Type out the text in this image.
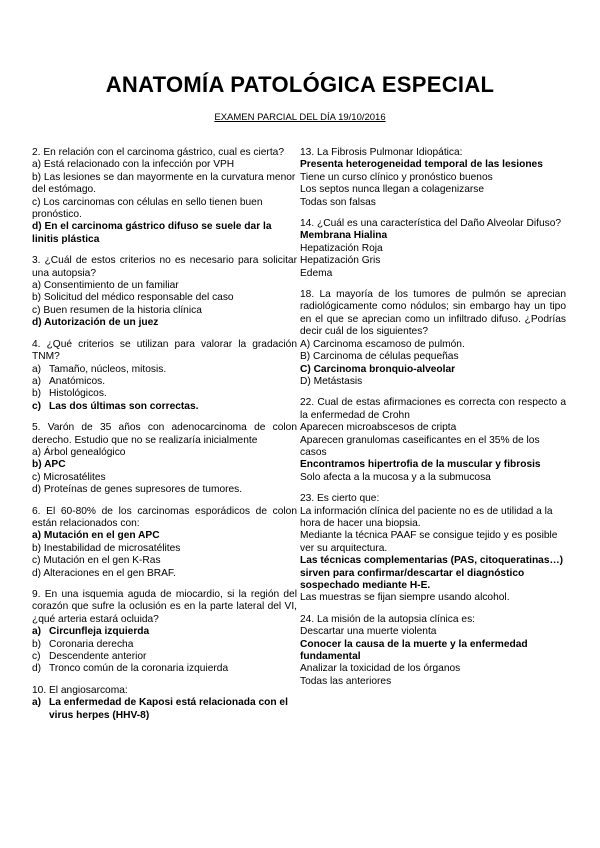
ANATOMÍA PATOLÓGICA ESPECIAL
EXAMEN PARCIAL DEL DÍA 19/10/2016
2. En relación con el carcinoma gástrico, cual es cierta?
a) Está relacionado con la infección por VPH
b) Las lesiones se dan mayormente en la curvatura menor del estómago.
c) Los carcinomas con células en sello tienen buen pronóstico.
d) En el carcinoma gástrico difuso se suele dar la linitis plástica
3. ¿Cuál de estos criterios no es necesario para solicitar una autopsia?
a) Consentimiento de un familiar
b) Solicitud del médico responsable del caso
c) Buen resumen de la historia clínica
d) Autorización de un juez
4. ¿Qué criterios se utilizan para valorar la gradación TNM?
a) Tamaño, núcleos, mitosis.
a) Anatómicos.
b) Histológicos.
c) Las dos últimas son correctas.
5. Varón de 35 años con adenocarcinoma de colon derecho. Estudio que no se realizaría inicialmente
a) Árbol genealógico
b) APC
c) Microsatélites
d) Proteínas de genes supresores de tumores.
6. El 60-80% de los carcinomas esporádicos de colon están relacionados con:
a) Mutación en el gen APC
b) Inestabilidad de microsatélites
c) Mutación en el gen K-Ras
d) Alteraciones en el gen BRAF.
9. En una isquemia aguda de miocardio, si la región del corazón que sufre la oclusión es en la parte lateral del VI, ¿qué arteria estará ocluida?
a) Circunfleja izquierda
b) Coronaria derecha
c) Descendente anterior
d) Tronco común de la coronaria izquierda
10. El angiosarcoma:
a) La enfermedad de Kaposi está relacionada con el virus herpes (HHV-8)
13. La Fibrosis Pulmonar Idiopática:
Presenta heterogeneidad temporal de las lesiones
Tiene un curso clínico y pronóstico buenos
Los septos nunca llegan a colagenizarse
Todas son falsas
14. ¿Cuál es una característica del Daño Alveolar Difuso?
Membrana Hialina
Hepatización Roja
Hepatización Gris
Edema
18. La mayoría de los tumores de pulmón se aprecian radiológicamente como nódulos; sin embargo hay un tipo en el que se aprecian como un infiltrado difuso. ¿Podrías decir cuál de los siguientes?
A) Carcinoma escamoso de pulmón.
B) Carcinoma de células pequeñas
C) Carcinoma bronquio-alveolar
D) Metástasis
22. Cual de estas afirmaciones es correcta con respecto a la enfermedad de Crohn
Aparecen microabscesos de cripta
Aparecen granulomas caseificantes en el 35% de los casos
Encontramos hipertrofia de la muscular y fibrosis
Solo afecta a la mucosa y a la submucosa
23. Es cierto que:
La información clínica del paciente no es de utilidad a la hora de hacer una biopsia.
Mediante la técnica PAAF se consigue tejido y es posible ver su arquitectura.
Las técnicas complementarias (PAS, citoqueratinas…) sirven para confirmar/descartar el diagnóstico sospechado mediante H-E.
Las muestras se fijan siempre usando alcohol.
24. La misión de la autopsia clínica es:
Descartar una muerte violenta
Conocer la causa de la muerte y la enfermedad fundamental
Analizar la toxicidad de los órganos
Todas las anteriores
